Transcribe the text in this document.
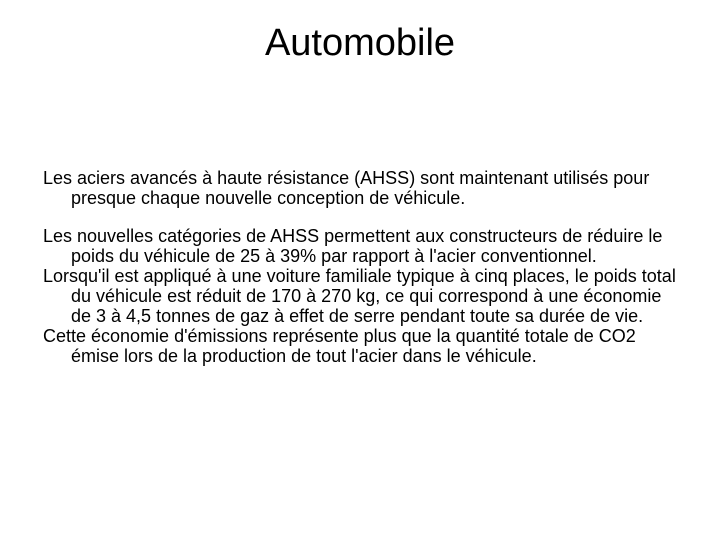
Automobile

Les aciers avancés à haute résistance (AHSS) sont maintenant utilisés pour presque chaque nouvelle conception de véhicule.

Les nouvelles catégories de AHSS permettent aux constructeurs de réduire le poids du véhicule de 25 à 39% par rapport à l'acier conventionnel.

Lorsqu'il est appliqué à une voiture familiale typique à cinq places, le poids total du véhicule est réduit de 170 à 270 kg, ce qui correspond à une économie de 3 à 4,5 tonnes de gaz à effet de serre pendant toute sa durée de vie.

Cette économie d'émissions représente plus que la quantité totale de CO2 émise lors de la production de tout l'acier dans le véhicule.
